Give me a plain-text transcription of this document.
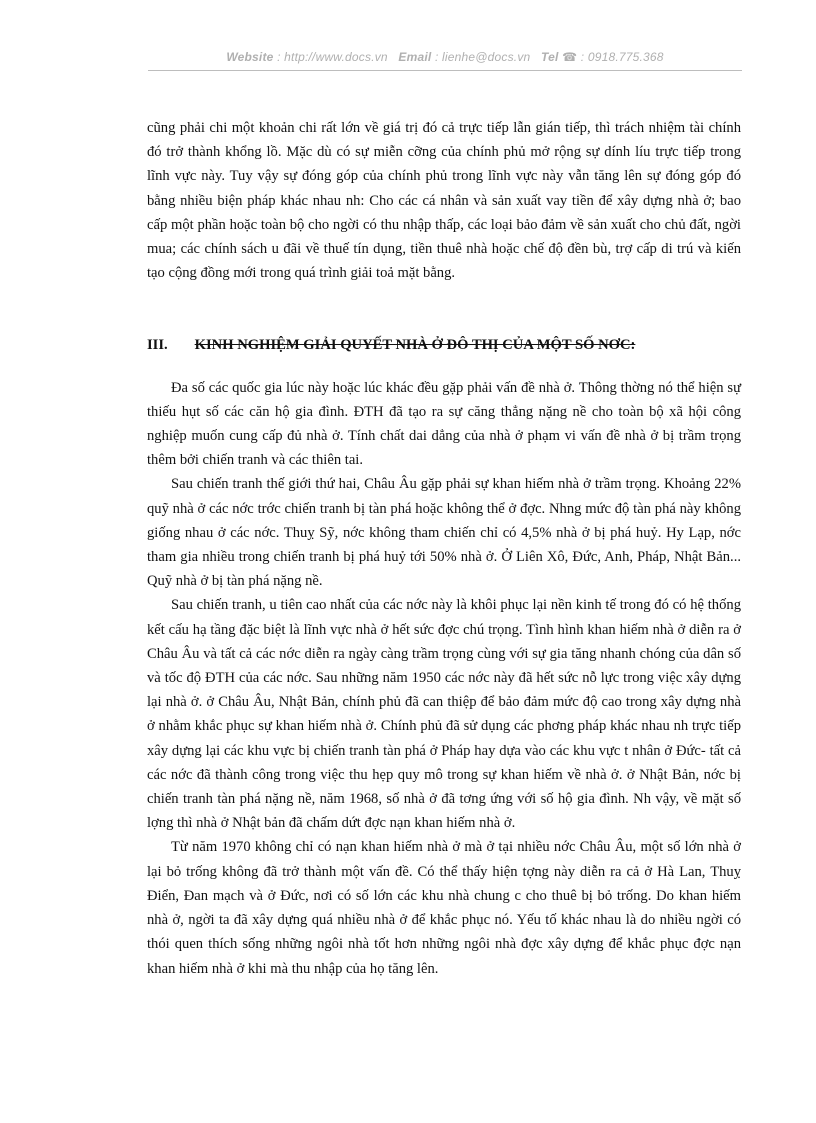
Website : http://www.docs.vn Email : lienhe@docs.vn Tel ☎ : 0918.775.368

cũng phải chi một khoản chi rất lớn về giá trị đó cả trực tiếp lẫn gián tiếp, thì trách nhiệm tài chính đó trở thành khổng lồ. Mặc dù có sự miễn cỡng của chính phủ mở rộng sự dính líu trực tiếp trong lĩnh vực này. Tuy vậy sự đóng góp của chính phủ trong lĩnh vực này vẫn tăng lên sự đóng góp đó bằng nhiều biện pháp khác nhau nh: Cho các cá nhân và sản xuất vay tiền để xây dựng nhà ở; bao cấp một phần hoặc toàn bộ cho ngời có thu nhập thấp, các loại bảo đảm về sản xuất cho chủ đất, ngời mua; các chính sách u đãi về thuế tín dụng, tiền thuê nhà hoặc chế độ đền bù, trợ cấp di trú và kiến tạo cộng đồng mới trong quá trình giải toả mặt bằng.

III. KINH NGHIỆM GIẢI QUYẾT NHÀ Ở ĐÔ THỊ CỦA MỘT SỐ NƠC:

Đa số các quốc gia lúc này hoặc lúc khác đều gặp phải vấn đề nhà ở. Thông thờng nó thể hiện sự thiếu hụt số các căn hộ gia đình. ĐTH đã tạo ra sự căng thẳng nặng nề cho toàn bộ xã hội công nghiệp muốn cung cấp đủ nhà ở. Tính chất dai dẳng của nhà ở phạm vi vấn đề nhà ở bị trầm trọng thêm bởi chiến tranh và các thiên tai.

Sau chiến tranh thế giới thứ hai, Châu Âu gặp phải sự khan hiếm nhà ở trầm trọng. Khoảng 22% quỹ nhà ở các nớc trớc chiến tranh bị tàn phá hoặc không thể ở đợc. Nhng mức độ tàn phá này không giống nhau ở các nớc. Thuỵ Sỹ, nớc không tham chiến chỉ có 4,5% nhà ở bị phá huỷ. Hy Lạp, nớc tham gia nhiều trong chiến tranh bị phá huỷ tới 50% nhà ở. Ở Liên Xô, Đức, Anh, Pháp, Nhật Bản... Quỹ nhà ở bị tàn phá nặng nề.

Sau chiến tranh, u tiên cao nhất của các nớc này là khôi phục lại nền kinh tế trong đó có hệ thống kết cấu hạ tầng đặc biệt là lĩnh vực nhà ở hết sức đợc chú trọng. Tình hình khan hiếm nhà ở diễn ra ở Châu Âu và tất cả các nớc diễn ra ngày càng trầm trọng cùng với sự gia tăng nhanh chóng của dân số và tốc độ ĐTH của các nớc. Sau những năm 1950 các nớc này đã hết sức nỗ lực trong việc xây dựng lại nhà ở. ở Châu Âu, Nhật Bản, chính phủ đã can thiệp để bảo đảm mức độ cao trong xây dựng nhà ở nhằm khắc phục sự khan hiếm nhà ở. Chính phủ đã sử dụng các phơng pháp khác nhau nh trực tiếp xây dựng lại các khu vực bị chiến tranh tàn phá ở Pháp hay dựa vào các khu vực t nhân ở Đức- tất cả các nớc đã thành công trong việc thu hẹp quy mô trong sự khan hiếm về nhà ở. ở Nhật Bản, nớc bị chiến tranh tàn phá nặng nề, năm 1968, số nhà ở đã tơng ứng với số hộ gia đình. Nh vậy, về mặt số lợng thì nhà ở Nhật bản đã chấm dứt đợc nạn khan hiếm nhà ở.

Từ năm 1970 không chỉ có nạn khan hiếm nhà ở mà ở tại nhiều nớc Châu Âu, một số lớn nhà ở lại bỏ trống không đã trở thành một vấn đề. Có thể thấy hiện tợng này diễn ra cả ở Hà Lan, Thuỵ Điển, Đan mạch và ở Đức, nơi có số lớn các khu nhà chung c cho thuê bị bỏ trống. Do khan hiếm nhà ở, ngời ta đã xây dựng quá nhiều nhà ở để khắc phục nó. Yếu tố khác nhau là do nhiều ngời có thói quen thích sống những ngôi nhà tốt hơn những ngôi nhà đợc xây dựng để khắc phục đợc nạn khan hiếm nhà ở khi mà thu nhập của họ tăng lên.
